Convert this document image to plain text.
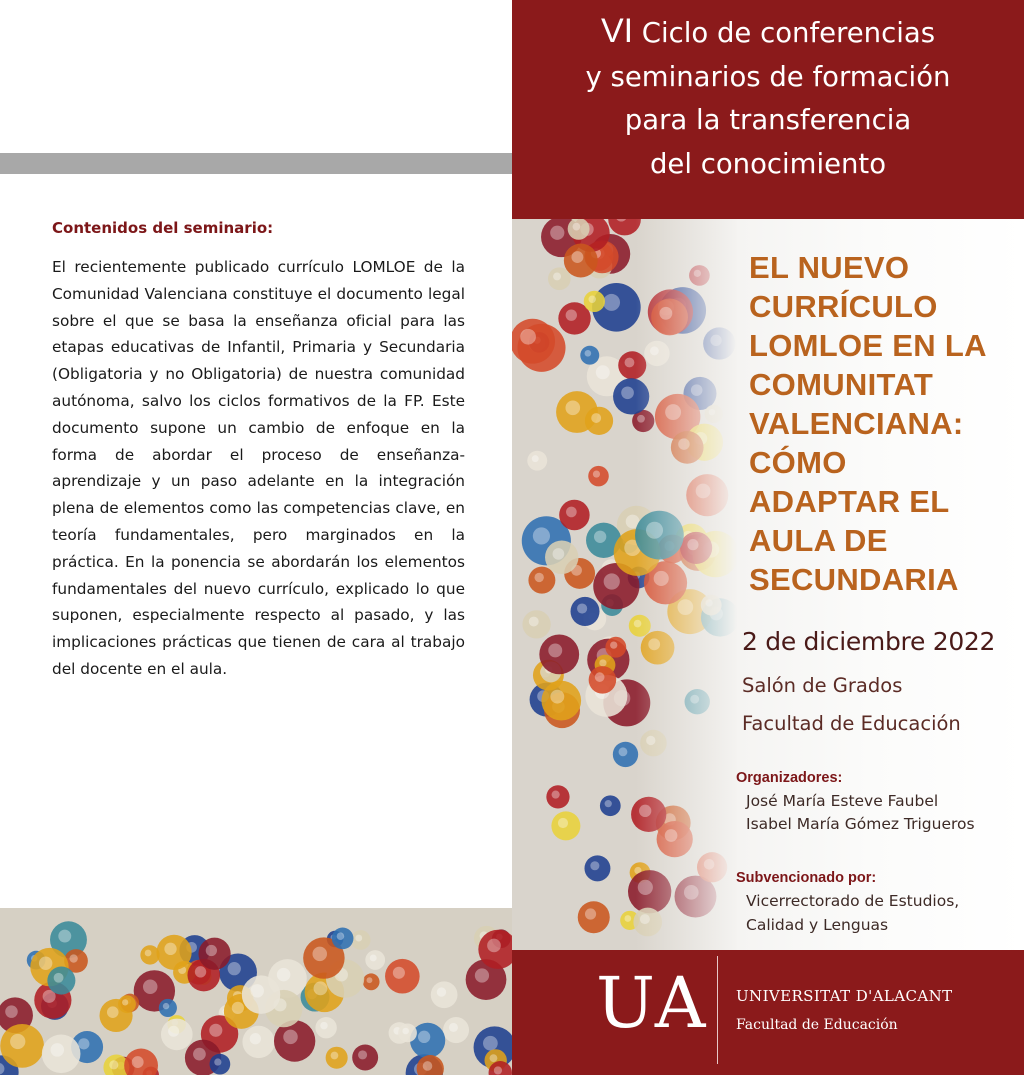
Contenidos del seminario:

El recientemente publicado currículo LOMLOE de la Comunidad Valenciana constituye el documento legal sobre el que se basa la enseñanza oficial para las etapas educativas de Infantil, Primaria y Secundaria (Obligatoria y no Obligatoria) de nuestra comunidad autónoma, salvo los ciclos formativos de la FP. Este documento supone un cambio de enfoque en la forma de abordar el proceso de enseñanza- aprendizaje y un paso adelante en la integración plena de elementos como las competencias clave, en teoría fundamentales, pero marginados en la práctica. En la ponencia se abordarán los elementos fundamentales del nuevo currículo, explicado lo que suponen, especialmente respecto al pasado, y las implicaciones prácticas que tienen de cara al trabajo del docente en el aula.

VI Ciclo de conferencias
y seminarios de formación
para la transferencia
del conocimiento
EL NUEVO
CURRÍCULO
LOMLOE EN LA
COMUNITAT
VALENCIANA:
CÓMO
ADAPTAR EL
AULA DE
SECUNDARIA
2 de diciembre 2022
Salón de Grados
Facultad de Educación
Organizadores:
José María Esteve Faubel
Isabel María Gómez Trigueros
Subvencionado por:
Vicerrectorado de Estudios,
Calidad y Lenguas
UA UNIVERSITAT D'ALACANT
Facultad de Educación
